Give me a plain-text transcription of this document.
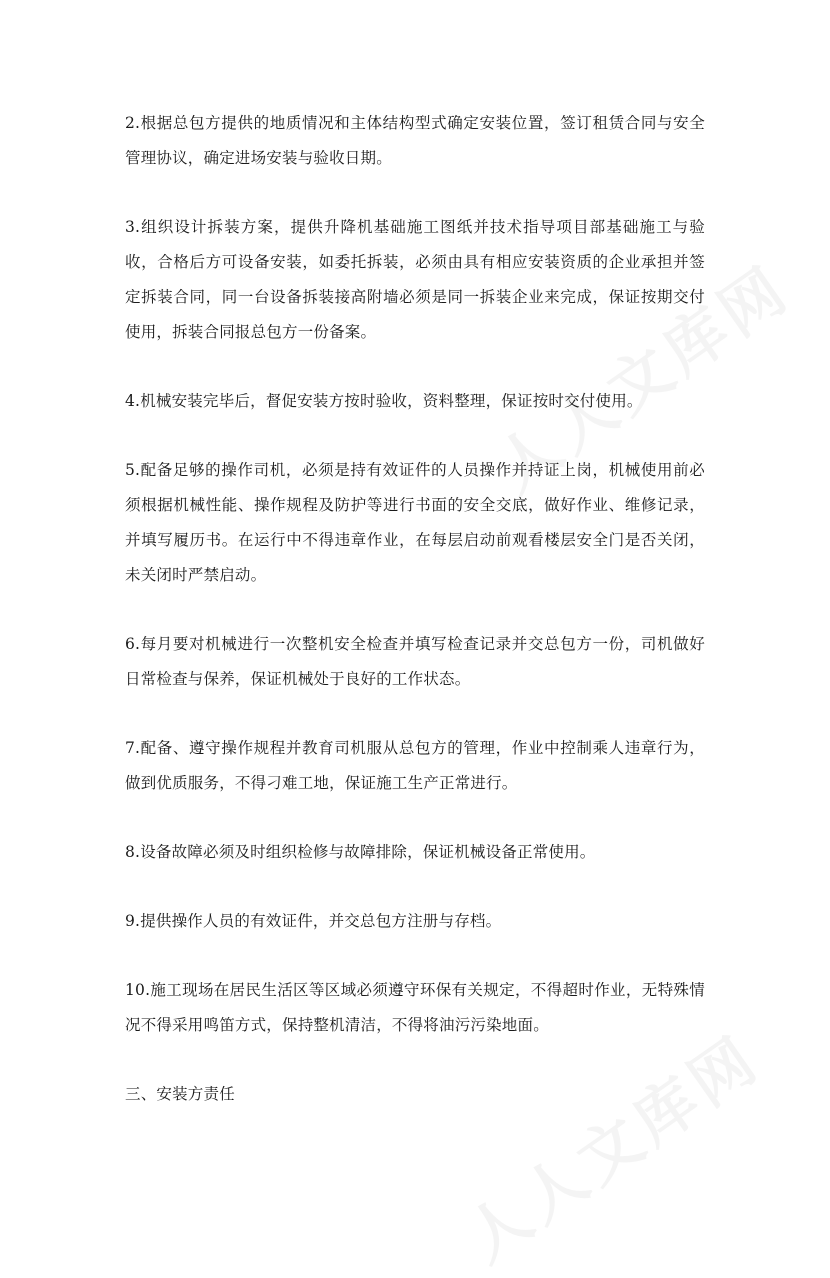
2.根据总包方提供的地质情况和主体结构型式确定安装位置，签订租赁合同与安全管理协议，确定进场安装与验收日期。

3.组织设计拆装方案，提供升降机基础施工图纸并技术指导项目部基础施工与验收，合格后方可设备安装，如委托拆装，必须由具有相应安装资质的企业承担并签定拆装合同，同一台设备拆装接高附墙必须是同一拆装企业来完成，保证按期交付使用，拆装合同报总包方一份备案。

4.机械安装完毕后，督促安装方按时验收，资料整理，保证按时交付使用。

5.配备足够的操作司机，必须是持有效证件的人员操作并持证上岗，机械使用前必须根据机械性能、操作规程及防护等进行书面的安全交底，做好作业、维修记录，并填写履历书。在运行中不得违章作业，在每层启动前观看楼层安全门是否关闭，未关闭时严禁启动。

6.每月要对机械进行一次整机安全检查并填写检查记录并交总包方一份，司机做好日常检查与保养，保证机械处于良好的工作状态。

7.配备、遵守操作规程并教育司机服从总包方的管理，作业中控制乘人违章行为，做到优质服务，不得刁难工地，保证施工生产正常进行。

8.设备故障必须及时组织检修与故障排除，保证机械设备正常使用。

9.提供操作人员的有效证件，并交总包方注册与存档。

10.施工现场在居民生活区等区域必须遵守环保有关规定，不得超时作业，无特殊情况不得采用鸣笛方式，保持整机清洁，不得将油污污染地面。

三、安装方责任
